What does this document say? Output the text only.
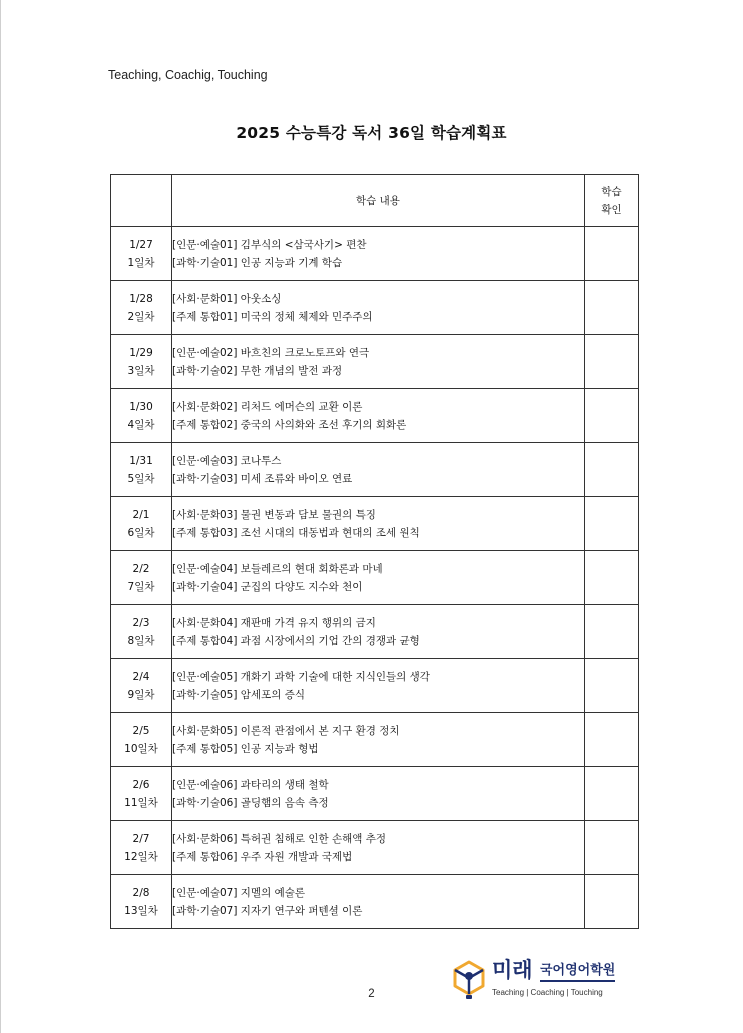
Teaching, Coachig, Touching
2025 수능특강 독서 36일 학습계획표
	학습 내용	학습
확인

1/27
1일차	[인문·예술01] 김부식의 <삼국사기> 편찬
[과학·기술01] 인공 지능과 기계 학습	

1/28
2일차	[사회·문화01] 아웃소싱
[주제 통합01] 미국의 정체 체제와 민주주의	

1/29
3일차	[인문·예술02] 바흐친의 크로노토프와 연극
[과학·기술02] 무한 개념의 발전 과정	

1/30
4일차	[사회·문화02] 리처드 에머슨의 교환 이론
[주제 통합02] 중국의 사의화와 조선 후기의 회화론	

1/31
5일차	[인문·예술03] 코나투스
[과학·기술03] 미세 조류와 바이오 연료	

2/1
6일차	[사회·문화03] 물권 변동과 담보 물권의 특징
[주제 통합03] 조선 시대의 대동법과 현대의 조세 원칙	

2/2
7일차	[인문·예술04] 보들레르의 현대 회화론과 마네
[과학·기술04] 군집의 다양도 지수와 천이	

2/3
8일차	[사회·문화04] 재판매 가격 유지 행위의 금지
[주제 통합04] 과점 시장에서의 기업 간의 경쟁과 균형	

2/4
9일차	[인문·예술05] 개화기 과학 기술에 대한 지식인들의 생각
[과학·기술05] 암세포의 증식	

2/5
10일차	[사회·문화05] 이론적 관점에서 본 지구 환경 정치
[주제 통합05] 인공 지능과 형법	

2/6
11일차	[인문·예술06] 과타리의 생태 철학
[과학·기술06] 골딩햄의 음속 측정	

2/7
12일차	[사회·문화06] 특허권 침해로 인한 손해액 추정
[주제 통합06] 우주 자원 개발과 국제법	

2/8
13일차	[인문·예술07] 지멜의 예술론
[과학·기술07] 지자기 연구와 퍼텐셜 이론	

2
미래 국어영어학원
Teaching | Coaching | Touching
